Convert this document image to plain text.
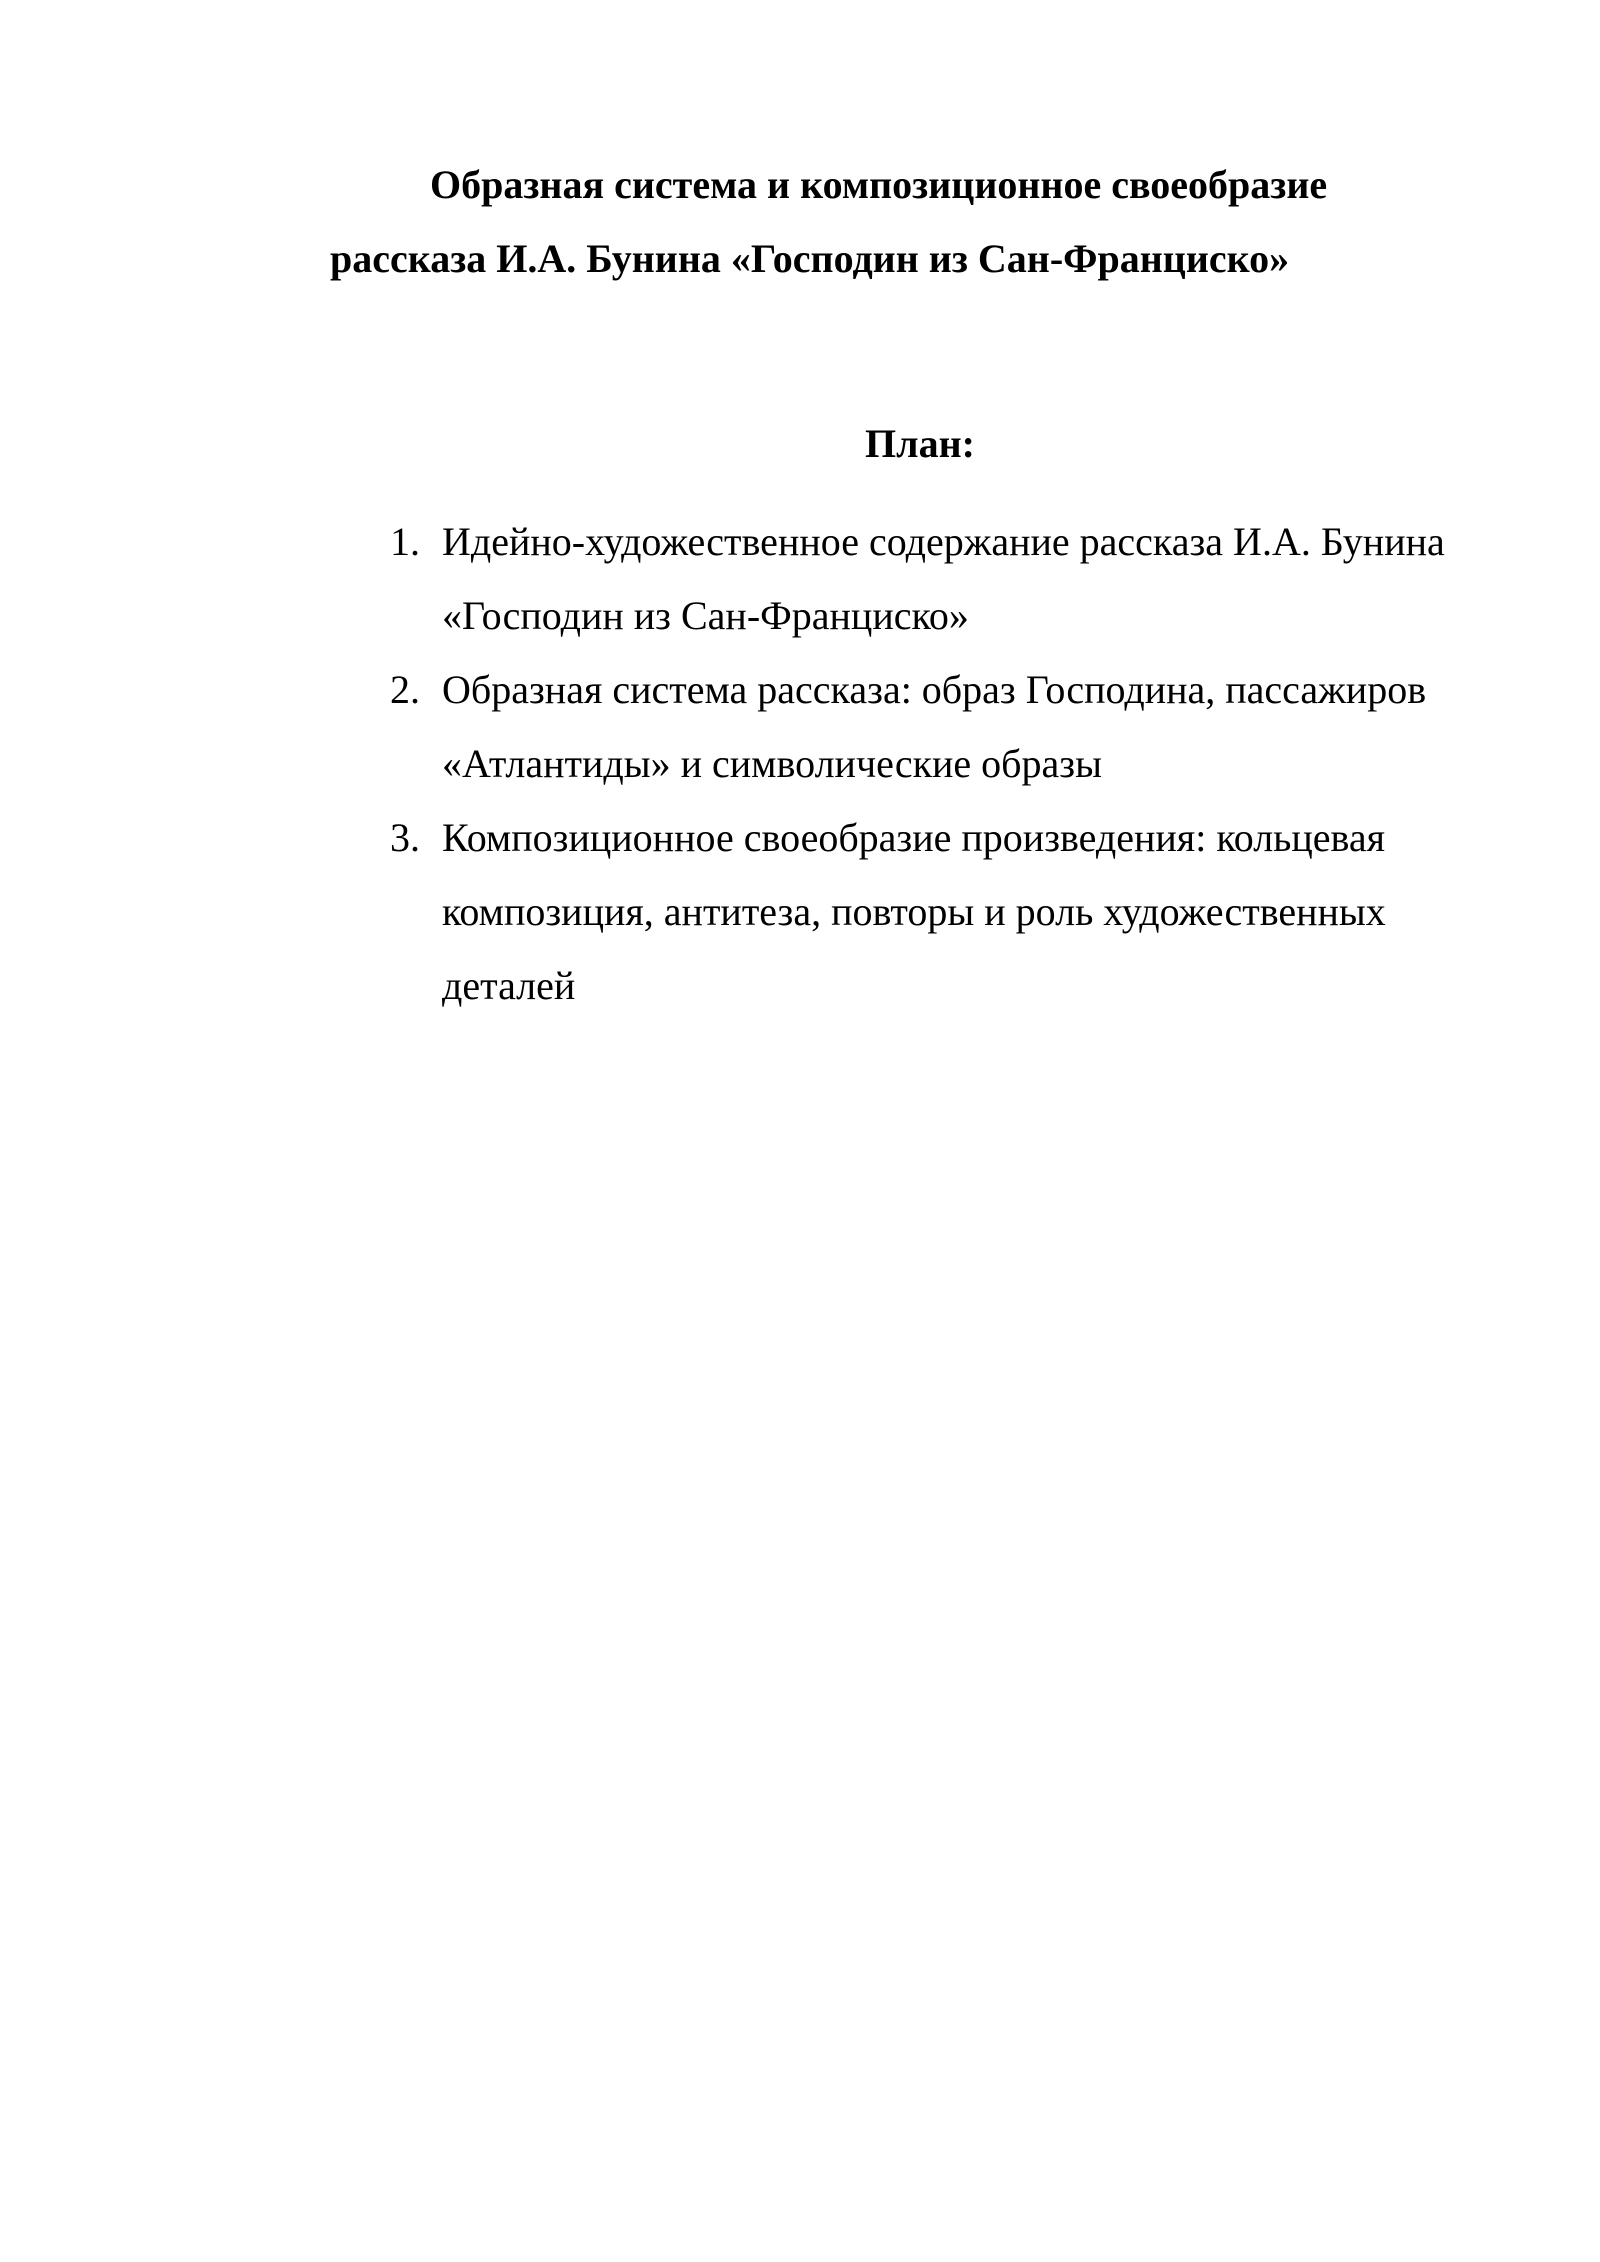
Образная система и композиционное своеобразие
рассказа И.А. Бунина «Господин из Сан-Франциско»
План:
1. Идейно-художественное содержание рассказа И.А. Бунина «Господин из Сан-Франциско»
2. Образная система рассказа: образ Господина, пассажиров «Атлантиды» и символические образы
3. Композиционное своеобразие произведения: кольцевая композиция, антитеза, повторы и роль художественных деталей
